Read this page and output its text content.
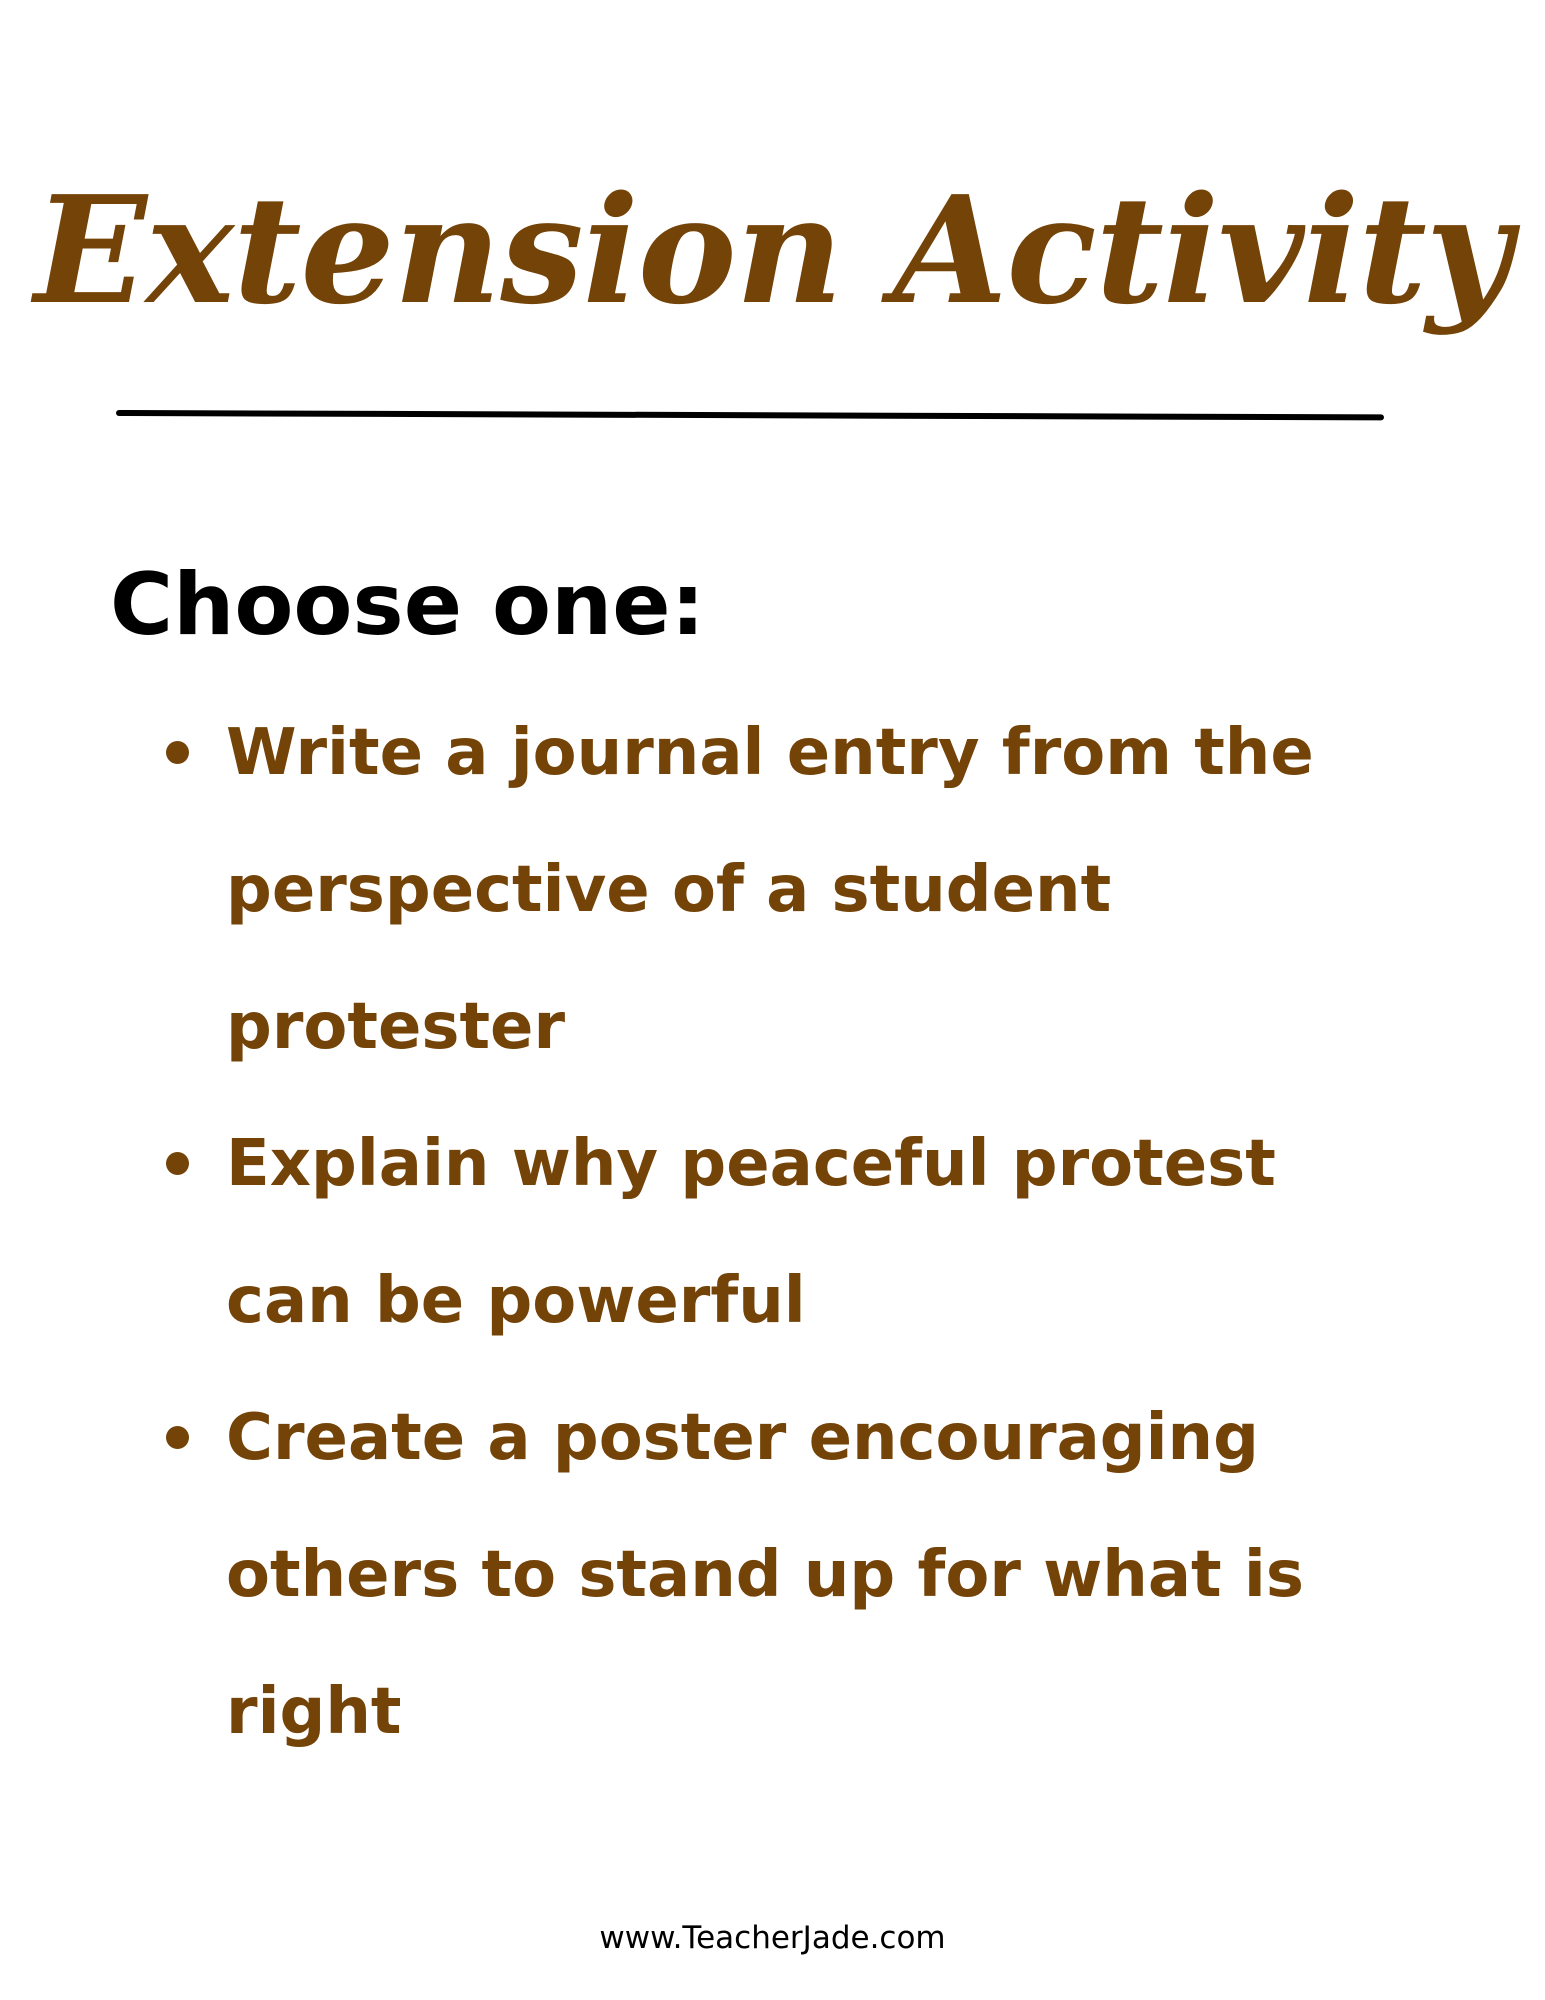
Extension Activity
Choose one:
Write a journal entry from the perspective of a student protester
Explain why peaceful protest can be powerful
Create a poster encouraging others to stand up for what is right

www.TeacherJade.com
